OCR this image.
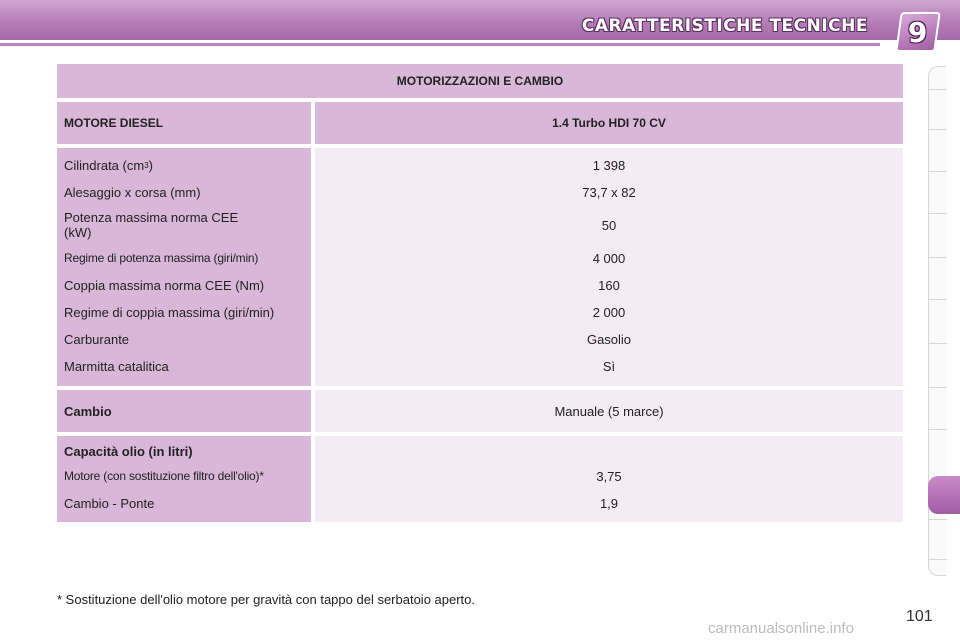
CARATTERISTICHE TECNICHE 9
MOTORIZZAZIONI E CAMBIO
MOTORE DIESEL	1.4 Turbo HDI 70 CV
Cilindrata (cm 3 )
Alesaggio x corsa (mm)
Potenza massima norma CEE
(kW)
Regime di potenza massima (giri/min)
Coppia massima norma CEE (Nm)
Regime di coppia massima (giri/min)
Carburante
Marmitta catalitica
1 398
73,7 x 82
50
4 000
160
2 000
Gasolio
Sì
Cambio	Manuale (5 marce)
Capacità olio (in litri)
Motore (con sostituzione filtro dell'olio)*
Cambio - Ponte
3,75
1,9
* Sostituzione dell'olio motore per gravità con tappo del serbatoio aperto.
carmanualsonline.info
101
